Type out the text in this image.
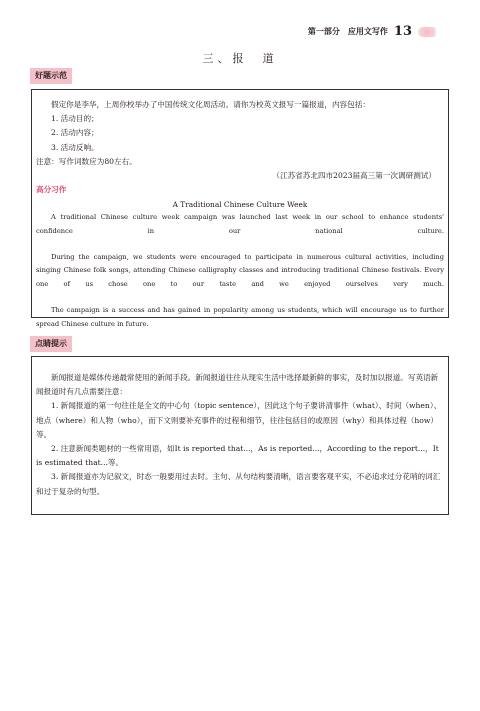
第一部分　应用文写作 13
三、报　道
好题示范

假定你是李华，上周你校举办了中国传统文化周活动。请你为校英文报写一篇报道，内容包括：

1. 活动目的；

2. 活动内容；

3. 活动反响。

注意：写作词数应为80左右。

（江苏省苏北四市2023届高三第一次调研测试）

高分习作

A Traditional Chinese Culture Week

A traditional Chinese culture week campaign was launched last week in our school to enhance students' confidence in our national culture.

During the campaign, we students were encouraged to participate in numerous cultural activities, including singing Chinese folk songs, attending Chinese calligraphy classes and introducing traditional Chinese festivals. Every one of us chose one to our taste and we enjoyed ourselves very much.

The campaign is a success and has gained in popularity among us students, which will encourage us to further spread Chinese culture in future.

点睛提示

新闻报道是媒体传递最常使用的新闻手段。新闻报道往往从现实生活中选择最新鲜的事实，及时加以报道。写英语新闻报道时有几点需要注意：

1. 新闻报道的第一句往往是全文的中心句（topic sentence），因此这个句子要讲清事件（what）、时间（when）、地点（where）和人物（who），而下文则要补充事件的过程和细节，往往包括目的或原因（why）和具体过程（how）等。

2. 注意新闻类题材的一些常用语，如It is reported that...，As is reported...，According to the report...，It is estimated that...等。

3. 新闻报道亦为记叙文，时态一般要用过去时。主句、从句结构要清晰，语言要客观平实，不必追求过分花哨的词汇和过于复杂的句型。
